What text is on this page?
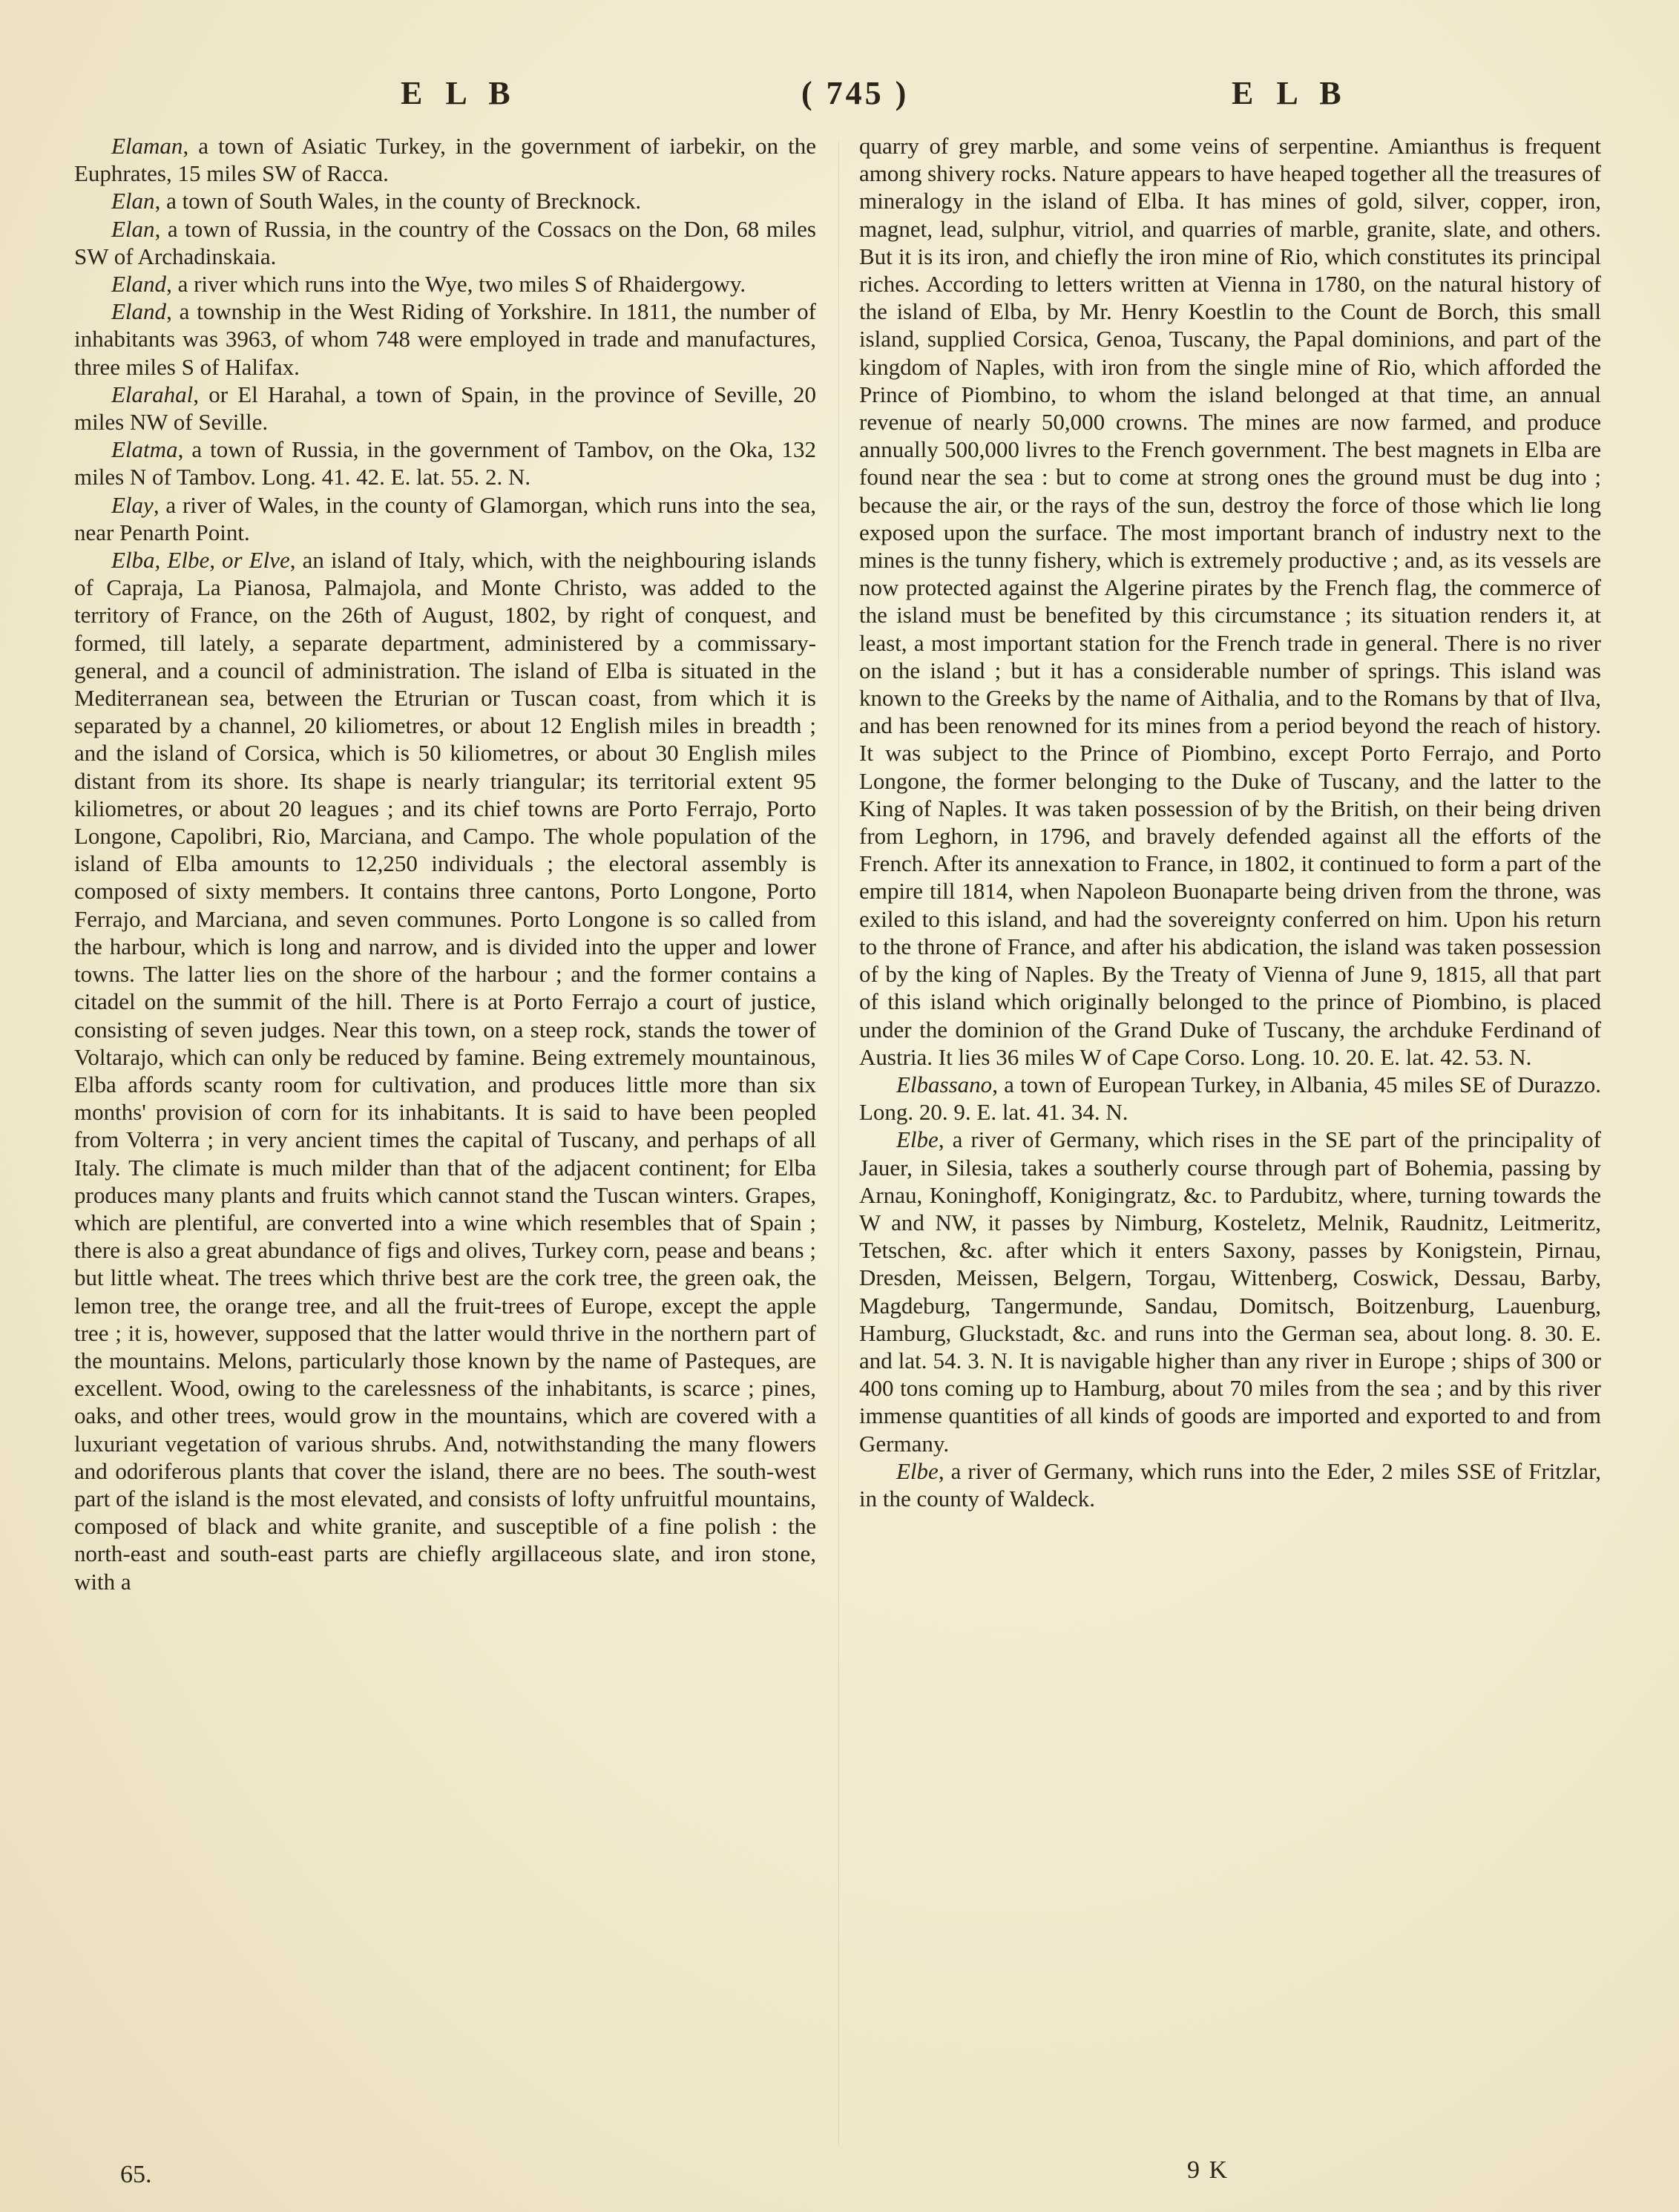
E L B	( 745 )	E L B

Elaman, a town of Asiatic Turkey, in the government of iarbekir, on the Euphrates, 15 miles SW of Racca.

Elan, a town of South Wales, in the county of Brecknock.

Elan, a town of Russia, in the country of the Cossacs on the Don, 68 miles SW of Archadinskaia.

Eland, a river which runs into the Wye, two miles S of Rhaidergowy.

Eland, a township in the West Riding of Yorkshire. In 1811, the number of inhabitants was 3963, of whom 748 were employed in trade and manufactures, three miles S of Halifax.

Elarahal, or El Harahal, a town of Spain, in the province of Seville, 20 miles NW of Seville.

Elatma, a town of Russia, in the government of Tambov, on the Oka, 132 miles N of Tambov. Long. 41. 42. E. lat. 55. 2. N.

Elay, a river of Wales, in the county of Glamorgan, which runs into the sea, near Penarth Point.

Elba, Elbe, or Elve, an island of Italy, which, with the neighbouring islands of Capraja, La Pianosa, Palmajola, and Monte Christo, was added to the territory of France, on the 26th of August, 1802, by right of conquest, and formed, till lately, a separate department, administered by a commissary-general, and a council of administration. The island of Elba is situated in the Mediterranean sea, between the Etrurian or Tuscan coast, from which it is separated by a channel, 20 kiliometres, or about 12 English miles in breadth ; and the island of Corsica, which is 50 kiliometres, or about 30 English miles distant from its shore. Its shape is nearly triangular; its territorial extent 95 kiliometres, or about 20 leagues ; and its chief towns are Porto Ferrajo, Porto Longone, Capolibri, Rio, Marciana, and Campo. The whole population of the island of Elba amounts to 12,250 individuals ; the electoral assembly is composed of sixty members. It contains three cantons, Porto Longone, Porto Ferrajo, and Marciana, and seven communes. Porto Longone is so called from the harbour, which is long and narrow, and is divided into the upper and lower towns. The latter lies on the shore of the harbour ; and the former contains a citadel on the summit of the hill. There is at Porto Ferrajo a court of justice, consisting of seven judges. Near this town, on a steep rock, stands the tower of Voltarajo, which can only be reduced by famine. Being extremely mountainous, Elba affords scanty room for cultivation, and produces little more than six months' provision of corn for its inhabitants. It is said to have been peopled from Volterra ; in very ancient times the capital of Tuscany, and perhaps of all Italy. The climate is much milder than that of the adjacent continent; for Elba produces many plants and fruits which cannot stand the Tuscan winters. Grapes, which are plentiful, are converted into a wine which resembles that of Spain ; there is also a great abundance of figs and olives, Turkey corn, pease and beans ; but little wheat. The trees which thrive best are the cork tree, the green oak, the lemon tree, the orange tree, and all the fruit-trees of Europe, except the apple tree ; it is, however, supposed that the latter would thrive in the northern part of the mountains. Melons, particularly those known by the name of Pasteques, are excellent. Wood, owing to the carelessness of the inhabitants, is scarce ; pines, oaks, and other trees, would grow in the mountains, which are covered with a luxuriant vegetation of various shrubs. And, notwithstanding the many flowers and odoriferous plants that cover the island, there are no bees. The south-west part of the island is the most elevated, and consists of lofty unfruitful mountains, composed of black and white granite, and susceptible of a fine polish : the north-east and south-east parts are chiefly argillaceous slate, and iron stone, with a

quarry of grey marble, and some veins of serpentine. Amianthus is frequent among shivery rocks. Nature appears to have heaped together all the treasures of mineralogy in the island of Elba. It has mines of gold, silver, copper, iron, magnet, lead, sulphur, vitriol, and quarries of marble, granite, slate, and others. But it is its iron, and chiefly the iron mine of Rio, which constitutes its principal riches. According to letters written at Vienna in 1780, on the natural history of the island of Elba, by Mr. Henry Koestlin to the Count de Borch, this small island, supplied Corsica, Genoa, Tuscany, the Papal dominions, and part of the kingdom of Naples, with iron from the single mine of Rio, which afforded the Prince of Piombino, to whom the island belonged at that time, an annual revenue of nearly 50,000 crowns. The mines are now farmed, and produce annually 500,000 livres to the French government. The best magnets in Elba are found near the sea : but to come at strong ones the ground must be dug into ; because the air, or the rays of the sun, destroy the force of those which lie long exposed upon the surface. The most important branch of industry next to the mines is the tunny fishery, which is extremely productive ; and, as its vessels are now protected against the Algerine pirates by the French flag, the commerce of the island must be benefited by this circumstance ; its situation renders it, at least, a most important station for the French trade in general. There is no river on the island ; but it has a considerable number of springs. This island was known to the Greeks by the name of Aithalia, and to the Romans by that of Ilva, and has been renowned for its mines from a period beyond the reach of history. It was subject to the Prince of Piombino, except Porto Ferrajo, and Porto Longone, the former belonging to the Duke of Tuscany, and the latter to the King of Naples. It was taken possession of by the British, on their being driven from Leghorn, in 1796, and bravely defended against all the efforts of the French. After its annexation to France, in 1802, it continued to form a part of the empire till 1814, when Napoleon Buonaparte being driven from the throne, was exiled to this island, and had the sovereignty conferred on him. Upon his return to the throne of France, and after his abdication, the island was taken possession of by the king of Naples. By the Treaty of Vienna of June 9, 1815, all that part of this island which originally belonged to the prince of Piombino, is placed under the dominion of the Grand Duke of Tuscany, the archduke Ferdinand of Austria. It lies 36 miles W of Cape Corso. Long. 10. 20. E. lat. 42. 53. N.

Elbassano, a town of European Turkey, in Albania, 45 miles SE of Durazzo. Long. 20. 9. E. lat. 41. 34. N.

Elbe, a river of Germany, which rises in the SE part of the principality of Jauer, in Silesia, takes a southerly course through part of Bohemia, passing by Arnau, Koninghoff, Konigingratz, &c. to Pardubitz, where, turning towards the W and NW, it passes by Nimburg, Kosteletz, Melnik, Raudnitz, Leitmeritz, Tetschen, &c. after which it enters Saxony, passes by Konigstein, Pirnau, Dresden, Meissen, Belgern, Torgau, Wittenberg, Coswick, Dessau, Barby, Magdeburg, Tangermunde, Sandau, Domitsch, Boitzenburg, Lauenburg, Hamburg, Gluckstadt, &c. and runs into the German sea, about long. 8. 30. E. and lat. 54. 3. N. It is navigable higher than any river in Europe ; ships of 300 or 400 tons coming up to Hamburg, about 70 miles from the sea ; and by this river immense quantities of all kinds of goods are imported and exported to and from Germany.

Elbe, a river of Germany, which runs into the Eder, 2 miles SSE of Fritzlar, in the county of Waldeck.

65.	9 K
